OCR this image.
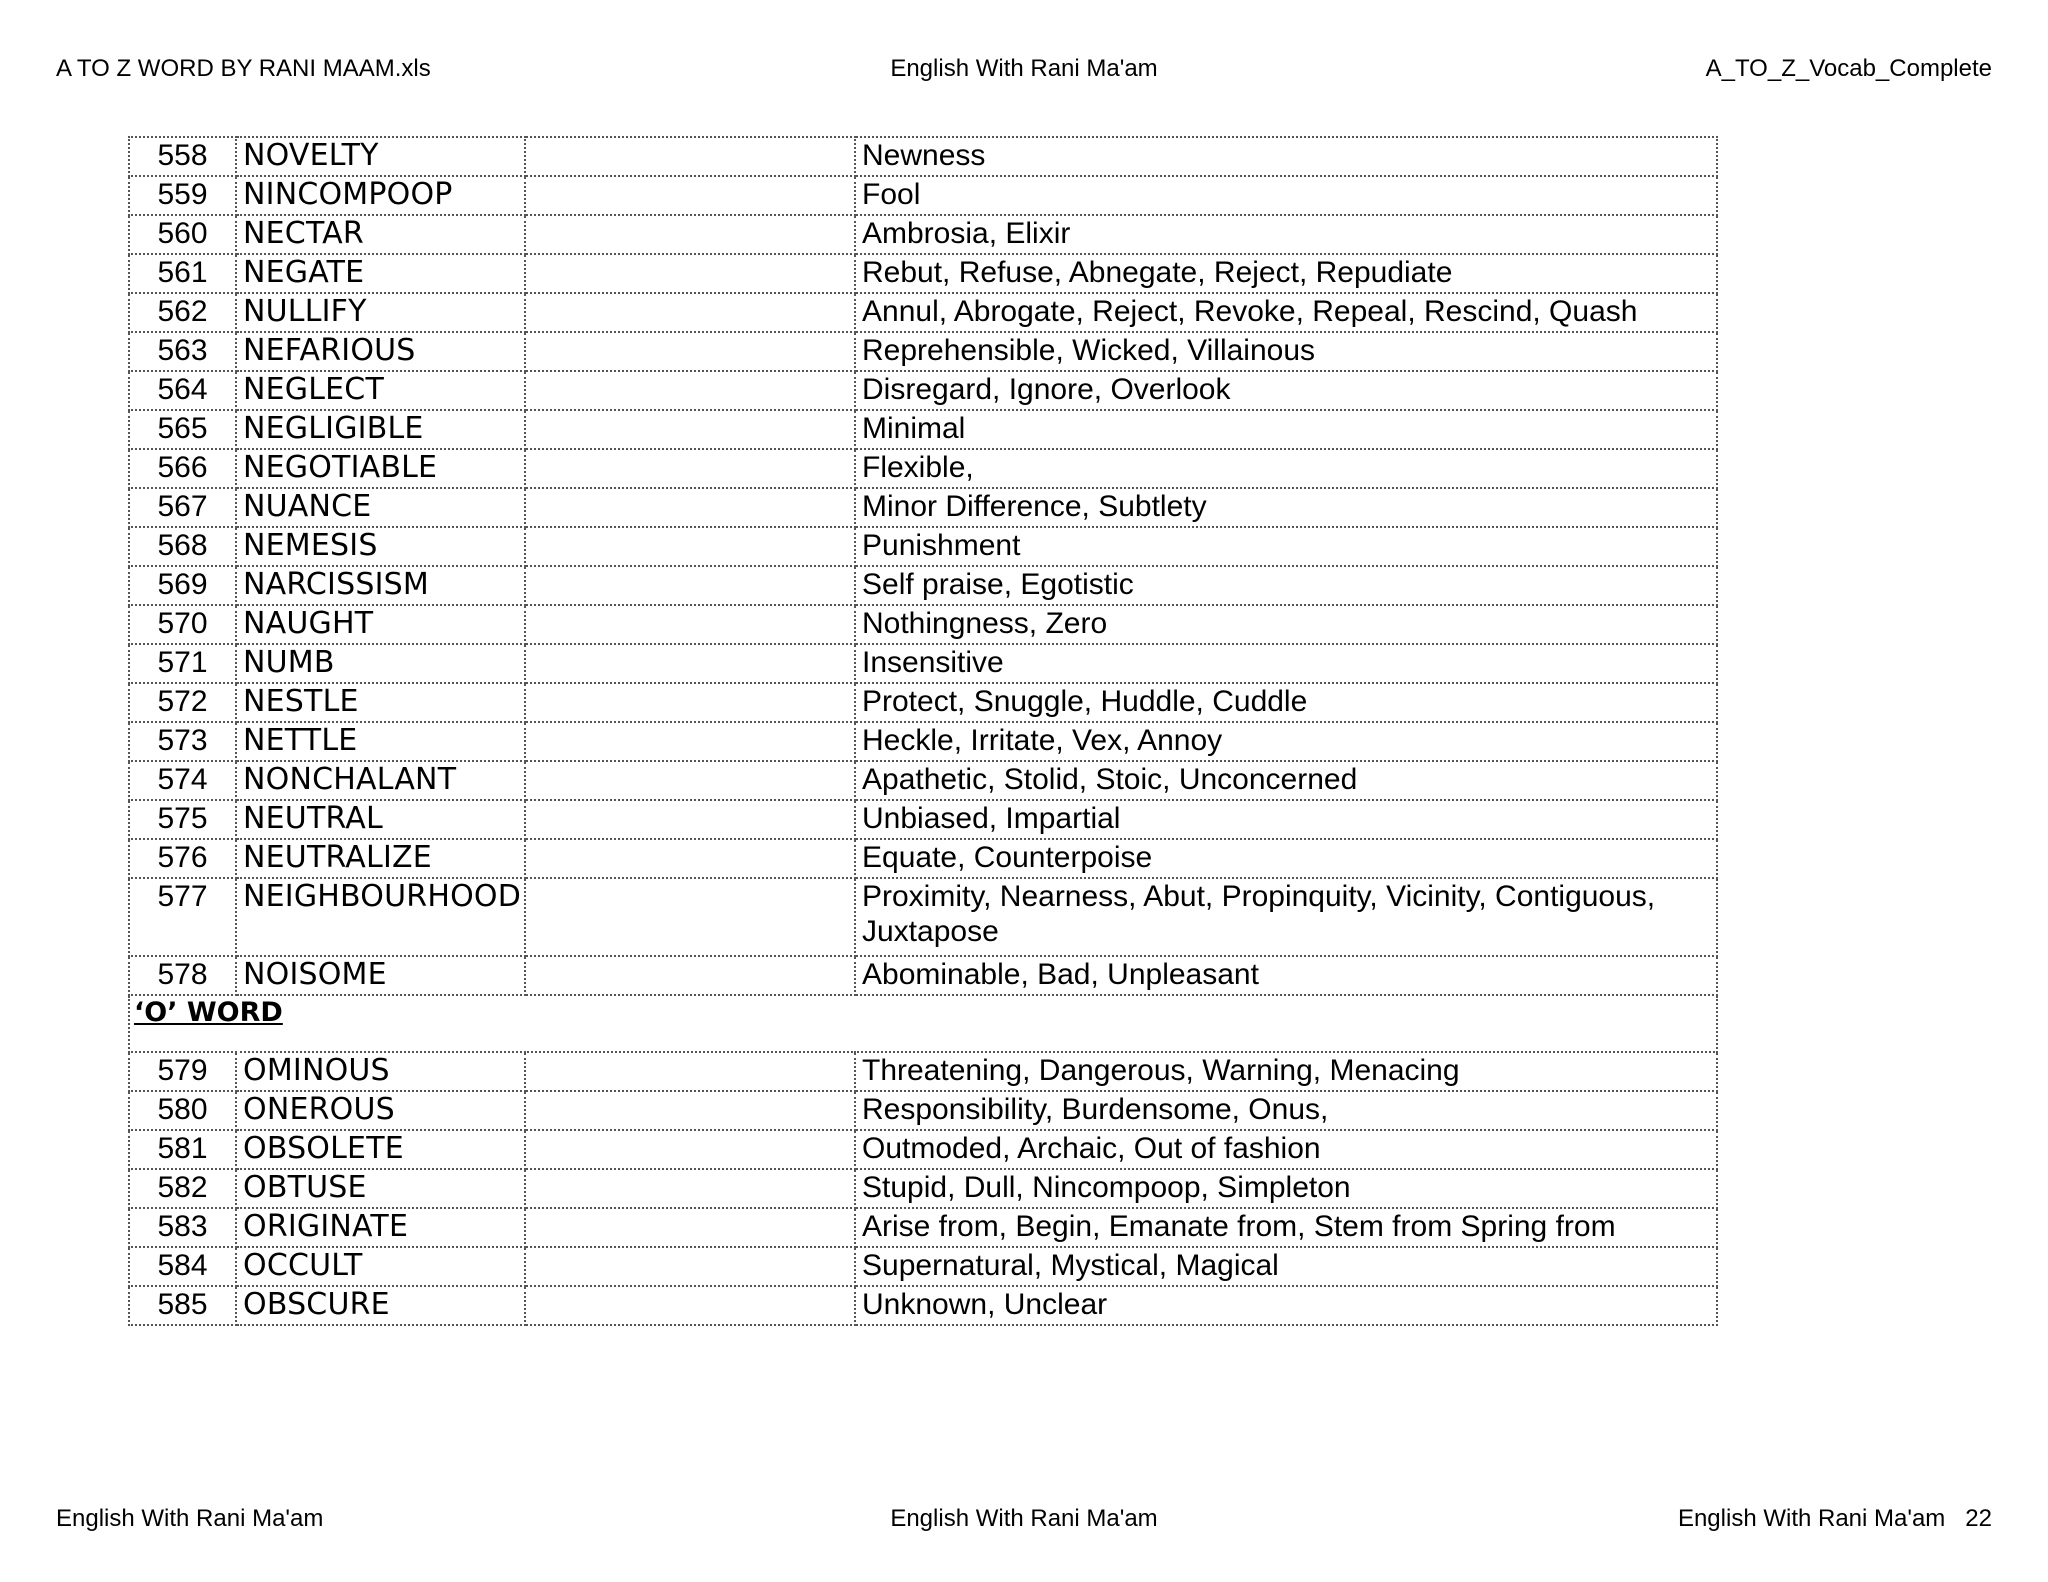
A TO Z WORD BY RANI MAAM.xls	English With Rani Ma'am	A_TO_Z_Vocab_Complete
558	NOVELTY		Newness
559	NINCOMPOOP		Fool
560	NECTAR		Ambrosia, Elixir
561	NEGATE		Rebut, Refuse, Abnegate, Reject, Repudiate
562	NULLIFY		Annul, Abrogate, Reject, Revoke, Repeal, Rescind, Quash
563	NEFARIOUS		Reprehensible, Wicked, Villainous
564	NEGLECT		Disregard, Ignore, Overlook
565	NEGLIGIBLE		Minimal
566	NEGOTIABLE		Flexible,
567	NUANCE		Minor Difference, Subtlety
568	NEMESIS		Punishment
569	NARCISSISM		Self praise, Egotistic
570	NAUGHT		Nothingness, Zero
571	NUMB		Insensitive
572	NESTLE		Protect, Snuggle, Huddle, Cuddle
573	NETTLE		Heckle, Irritate, Vex, Annoy
574	NONCHALANT		Apathetic, Stolid, Stoic, Unconcerned
575	NEUTRAL		Unbiased, Impartial
576	NEUTRALIZE		Equate, Counterpoise
577	NEIGHBOURHOOD		Proximity, Nearness, Abut, Propinquity, Vicinity, Contiguous, Juxtapose
578	NOISOME		Abominable, Bad, Unpleasant
‘O’ WORD			
579	OMINOUS		Threatening, Dangerous, Warning, Menacing
580	ONEROUS		Responsibility, Burdensome, Onus,
581	OBSOLETE		Outmoded, Archaic, Out of fashion
582	OBTUSE		Stupid, Dull, Nincompoop, Simpleton
583	ORIGINATE		Arise from, Begin, Emanate from, Stem from Spring from
584	OCCULT		Supernatural, Mystical, Magical
585	OBSCURE		Unknown, Unclear
English With Rani Ma'am	English With Rani Ma'am	English With Rani Ma'am   22
